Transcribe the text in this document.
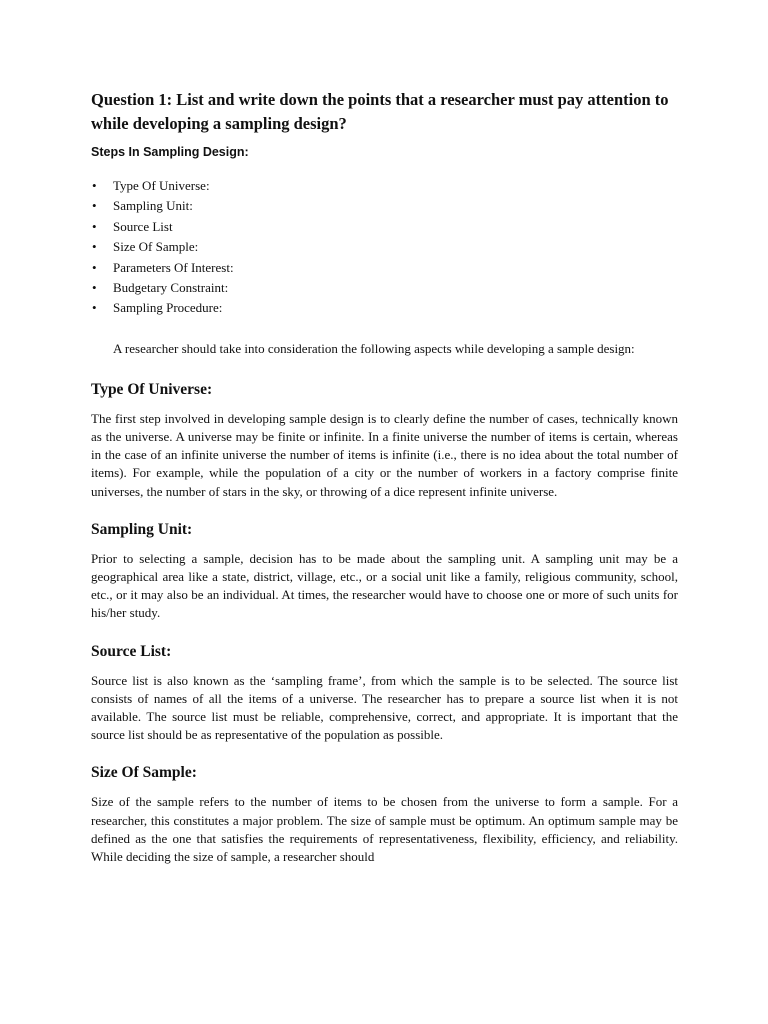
Question 1: List and write down the points that a researcher must pay attention to while developing a sampling design?
Steps In Sampling Design:
• Type Of Universe:
• Sampling Unit:
• Source List
• Size Of Sample:
• Parameters Of Interest:
• Budgetary Constraint:
• Sampling Procedure:
A researcher should take into consideration the following aspects while developing a sample design:
Type Of Universe:

The first step involved in developing sample design is to clearly define the number of cases, technically known as the universe. A universe may be finite or infinite. In a finite universe the number of items is certain, whereas in the case of an infinite universe the number of items is infinite (i.e., there is no idea about the total number of items). For example, while the population of a city or the number of workers in a factory comprise finite universes, the number of stars in the sky, or throwing of a dice represent infinite universe.

Sampling Unit:

Prior to selecting a sample, decision has to be made about the sampling unit. A sampling unit may be a geographical area like a state, district, village, etc., or a social unit like a family, religious community, school, etc., or it may also be an individual. At times, the researcher would have to choose one or more of such units for his/her study.

Source List:

Source list is also known as the ‘sampling frame’, from which the sample is to be selected. The source list consists of names of all the items of a universe. The researcher has to prepare a source list when it is not available. The source list must be reliable, comprehensive, correct, and appropriate. It is important that the source list should be as representative of the population as possible.

Size Of Sample:

Size of the sample refers to the number of items to be chosen from the universe to form a sample. For a researcher, this constitutes a major problem. The size of sample must be optimum. An optimum sample may be defined as the one that satisfies the requirements of representativeness, flexibility, efficiency, and reliability. While deciding the size of sample, a researcher should
